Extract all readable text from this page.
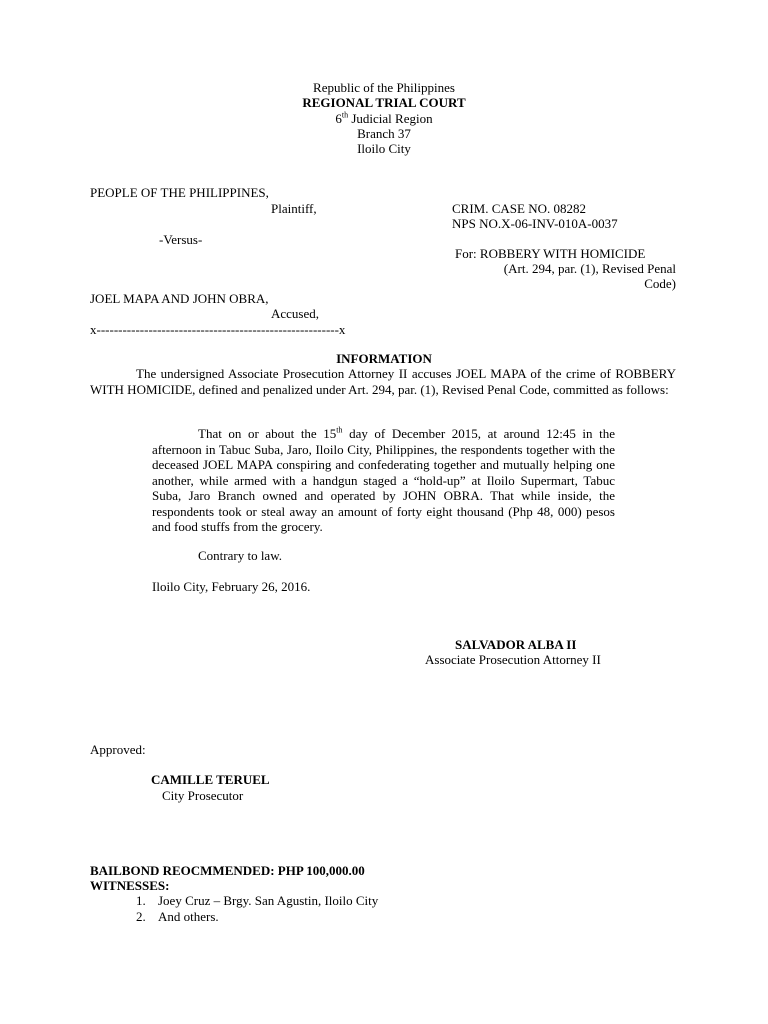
Republic of the Philippines
REGIONAL TRIAL COURT
6th Judicial Region
Branch 37
Iloilo City
PEOPLE OF THE PHILIPPINES,
Plaintiff,	CRIM. CASE NO. 08282
NPS NO.X-06-INV-010A-0037
-Versus-
For: ROBBERY WITH HOMICIDE
(Art. 294, par. (1), Revised Penal
Code)
JOEL MAPA AND JOHN OBRA,
Accused,
x--------------------------------------------------------x
INFORMATION
The undersigned Associate Prosecution Attorney II accuses JOEL MAPA of the crime of ROBBERY WITH HOMICIDE, defined and penalized under Art. 294, par. (1), Revised Penal Code, committed as follows:
That on or about the 15th day of December 2015, at around 12:45 in the afternoon in Tabuc Suba, Jaro, Iloilo City, Philippines, the respondents together with the deceased JOEL MAPA conspiring and confederating together and mutually helping one another, while armed with a handgun staged a “hold-up” at Iloilo Supermart, Tabuc Suba, Jaro Branch owned and operated by JOHN OBRA. That while inside, the respondents took or steal away an amount of forty eight thousand (Php 48, 000) pesos and food stuffs from the grocery.
Contrary to law.
Iloilo City, February 26, 2016.
SALVADOR ALBA II
Associate Prosecution Attorney II
Approved:
CAMILLE TERUEL
City Prosecutor
BAILBOND REOCMMENDED: PHP 100,000.00
WITNESSES:
1. Joey Cruz – Brgy. San Agustin, Iloilo City
2. And others.
